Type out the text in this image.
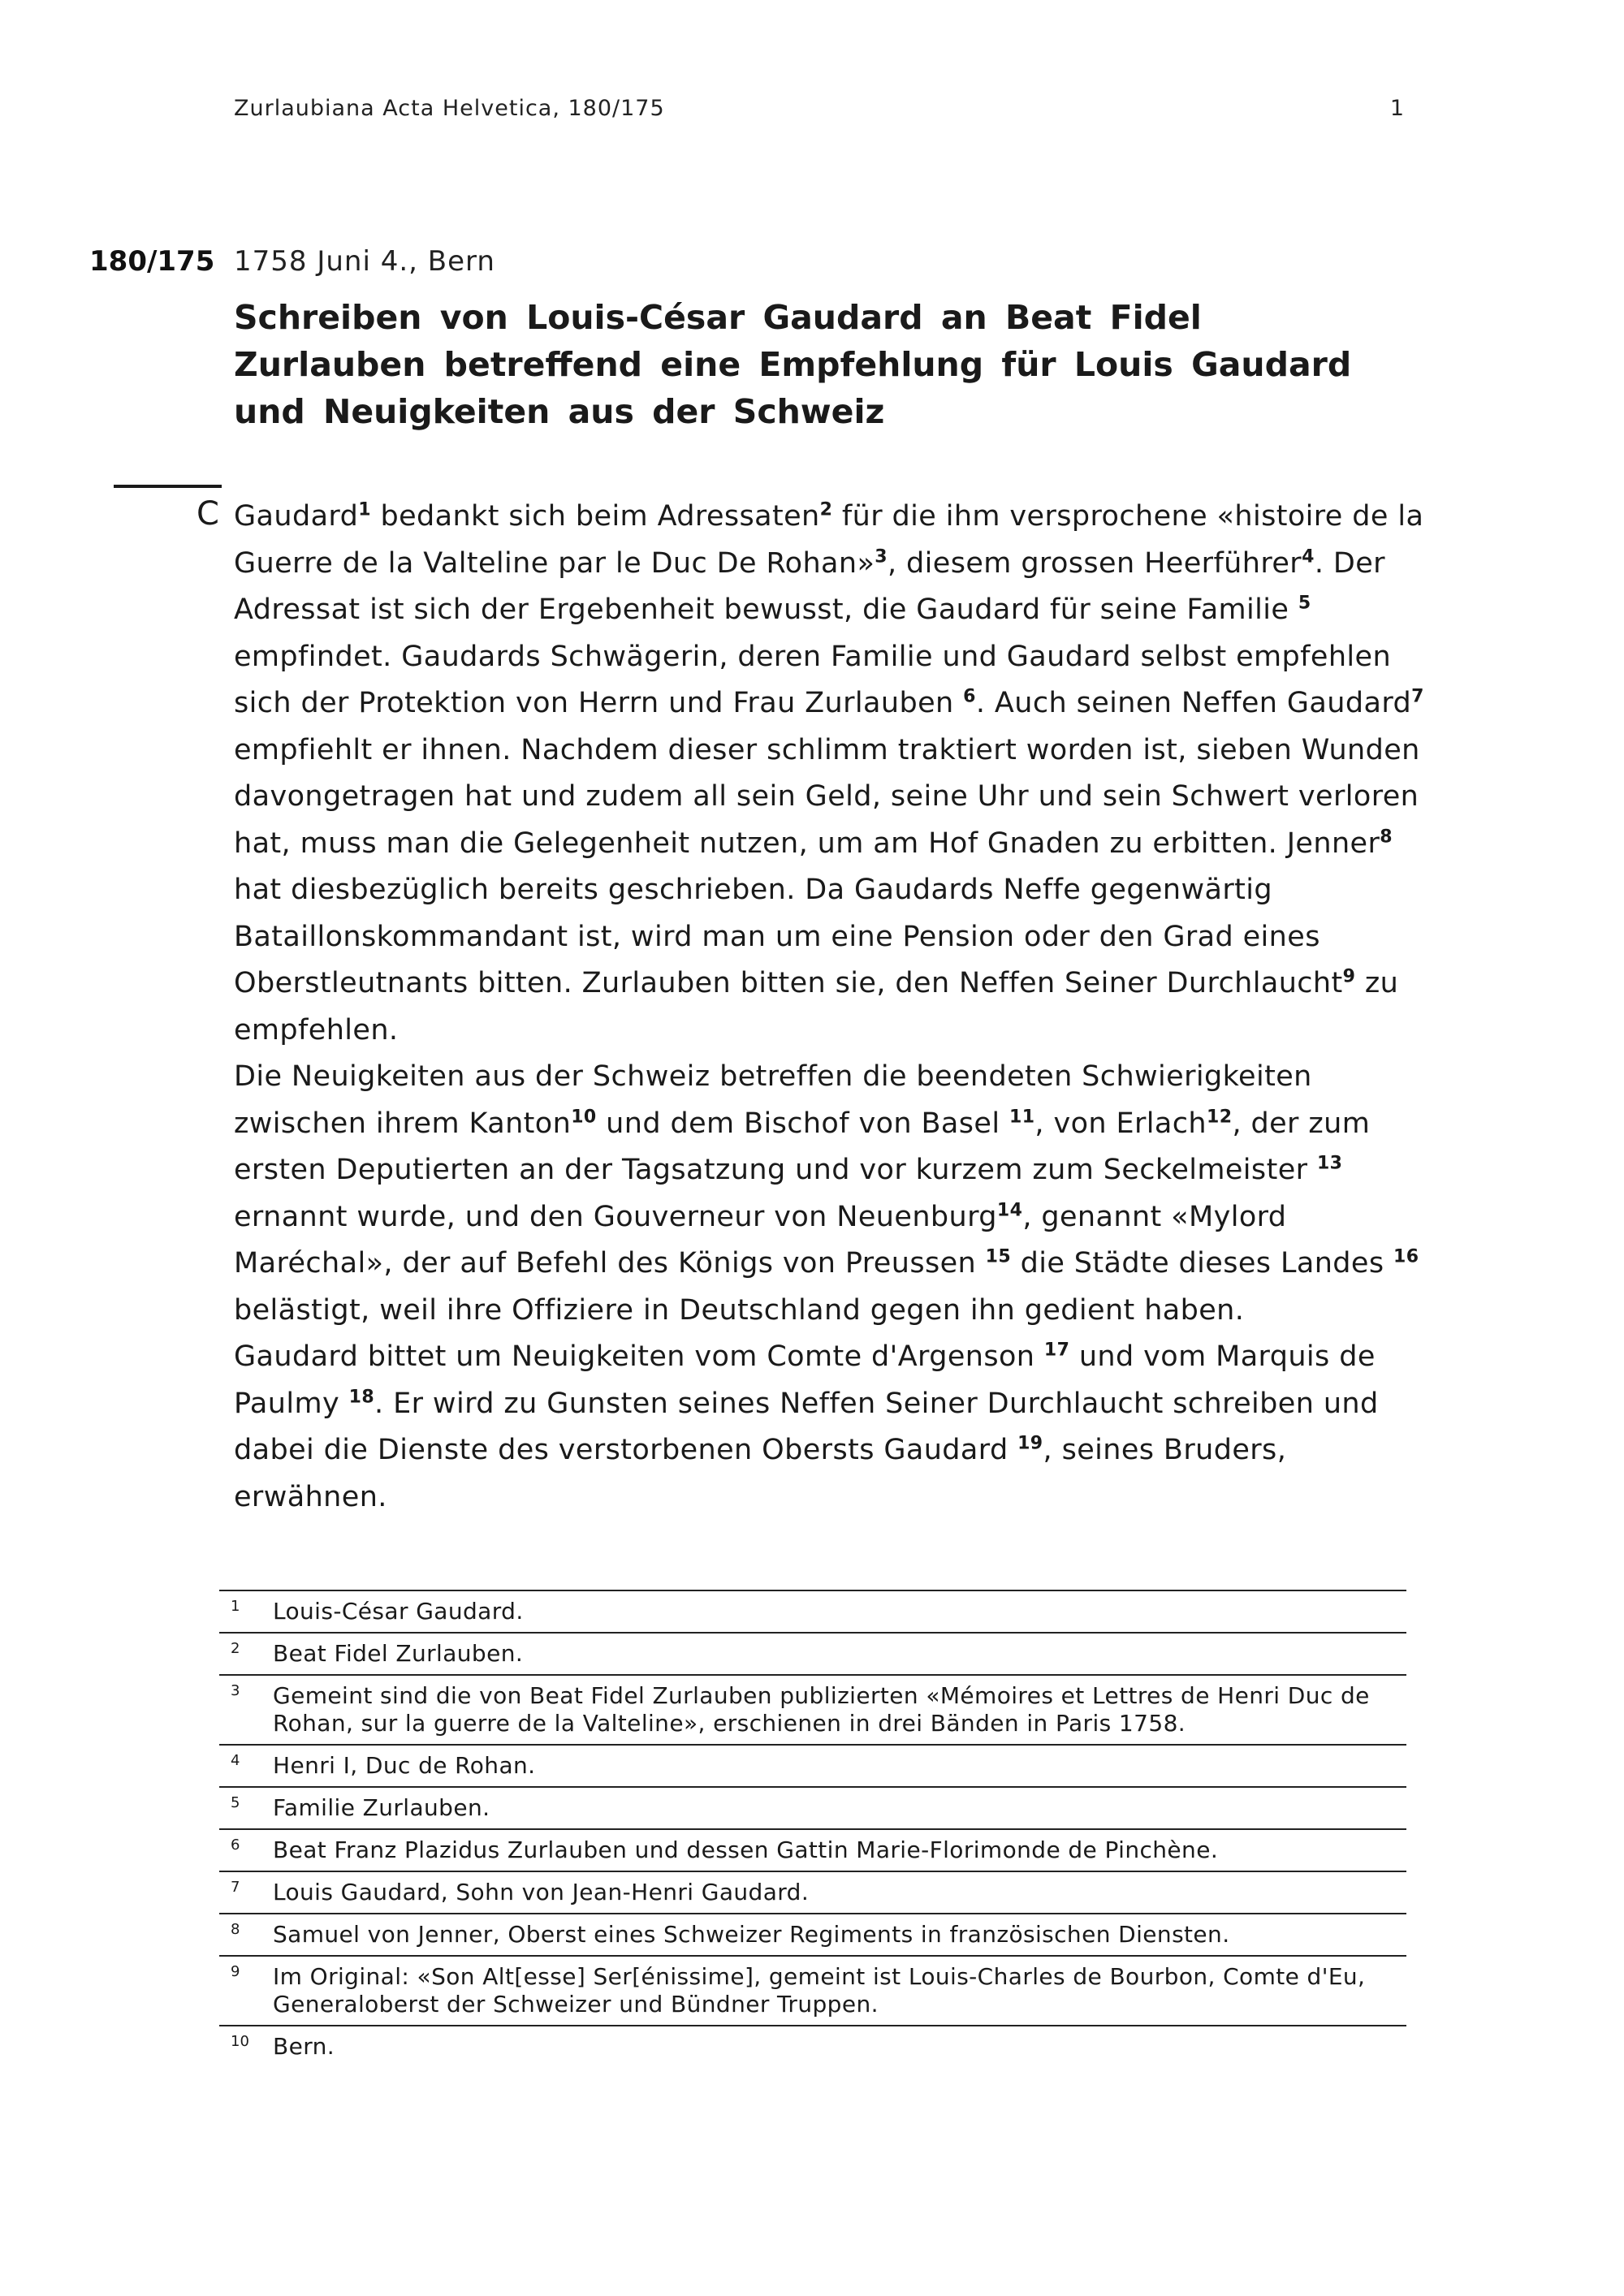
Zurlaubiana Acta Helvetica, 180/175	1
180/175 1758 Juni 4., Bern
Schreiben von Louis-César Gaudard an Beat Fidel Zurlauben betreffend eine Empfehlung für Louis Gaudard und Neuigkeiten aus der Schweiz
C Gaudard$^1$ bedankt sich beim Adressaten$^2$ für die ihm versprochene «histoire de la Guerre de la Valteline par le Duc De Rohan»$^3$, diesem grossen Heerführer$^4$. Der Adressat ist sich der Ergebenheit bewusst, die Gaudard für seine Familie $^5$ empfindet. Gaudards Schwägerin, deren Familie und Gaudard selbst empfehlen sich der Protektion von Herrn und Frau Zurlauben $^6$. Auch seinen Neffen Gaudard$^7$ empfiehlt er ihnen. Nachdem dieser schlimm traktiert worden ist, sieben Wunden davongetragen hat und zudem all sein Geld, seine Uhr und sein Schwert verloren hat, muss man die Gelegenheit nutzen, um am Hof Gnaden zu erbitten. Jenner$^8$ hat diesbezüglich bereits geschrieben. Da Gaudards Neffe gegenwärtig Bataillonskommandant ist, wird man um eine Pension oder den Grad eines Oberstleutnants bitten. Zurlauben bitten sie, den Neffen Seiner Durchlaucht$^9$ zu empfehlen.

Die Neuigkeiten aus der Schweiz betreffen die beendeten Schwierigkeiten zwischen ihrem Kanton$^{10}$ und dem Bischof von Basel $^{11}$, von Erlach$^{12}$, der zum ersten Deputierten an der Tagsatzung und vor kurzem zum Seckelmeister $^{13}$ ernannt wurde, und den Gouverneur von Neuenburg$^{14}$, genannt «Mylord Maréchal», der auf Befehl des Königs von Preussen $^{15}$ die Städte dieses Landes $^{16}$ belästigt, weil ihre Offiziere in Deutschland gegen ihn gedient haben.

Gaudard bittet um Neuigkeiten vom Comte d'Argenson $^{17}$ und vom Marquis de Paulmy $^{18}$. Er wird zu Gunsten seines Neffen Seiner Durchlaucht schreiben und dabei die Dienste des verstorbenen Obersts Gaudard $^{19}$, seines Bruders, erwähnen.

1	Louis-César Gaudard.
2	Beat Fidel Zurlauben.
3	Gemeint sind die von Beat Fidel Zurlauben publizierten «Mémoires et Lettres de Henri Duc de Rohan, sur la guerre de la Valteline», erschienen in drei Bänden in Paris 1758.
4	Henri I, Duc de Rohan.
5	Familie Zurlauben.
6	Beat Franz Plazidus Zurlauben und dessen Gattin Marie-Florimonde de Pinchène.
7	Louis Gaudard, Sohn von Jean-Henri Gaudard.
8	Samuel von Jenner, Oberst eines Schweizer Regiments in französischen Diensten.
9	Im Original: «Son Alt[esse] Ser[énissime], gemeint ist Louis-Charles de Bourbon, Comte d'Eu, Generaloberst der Schweizer und Bündner Truppen.
10	Bern.
